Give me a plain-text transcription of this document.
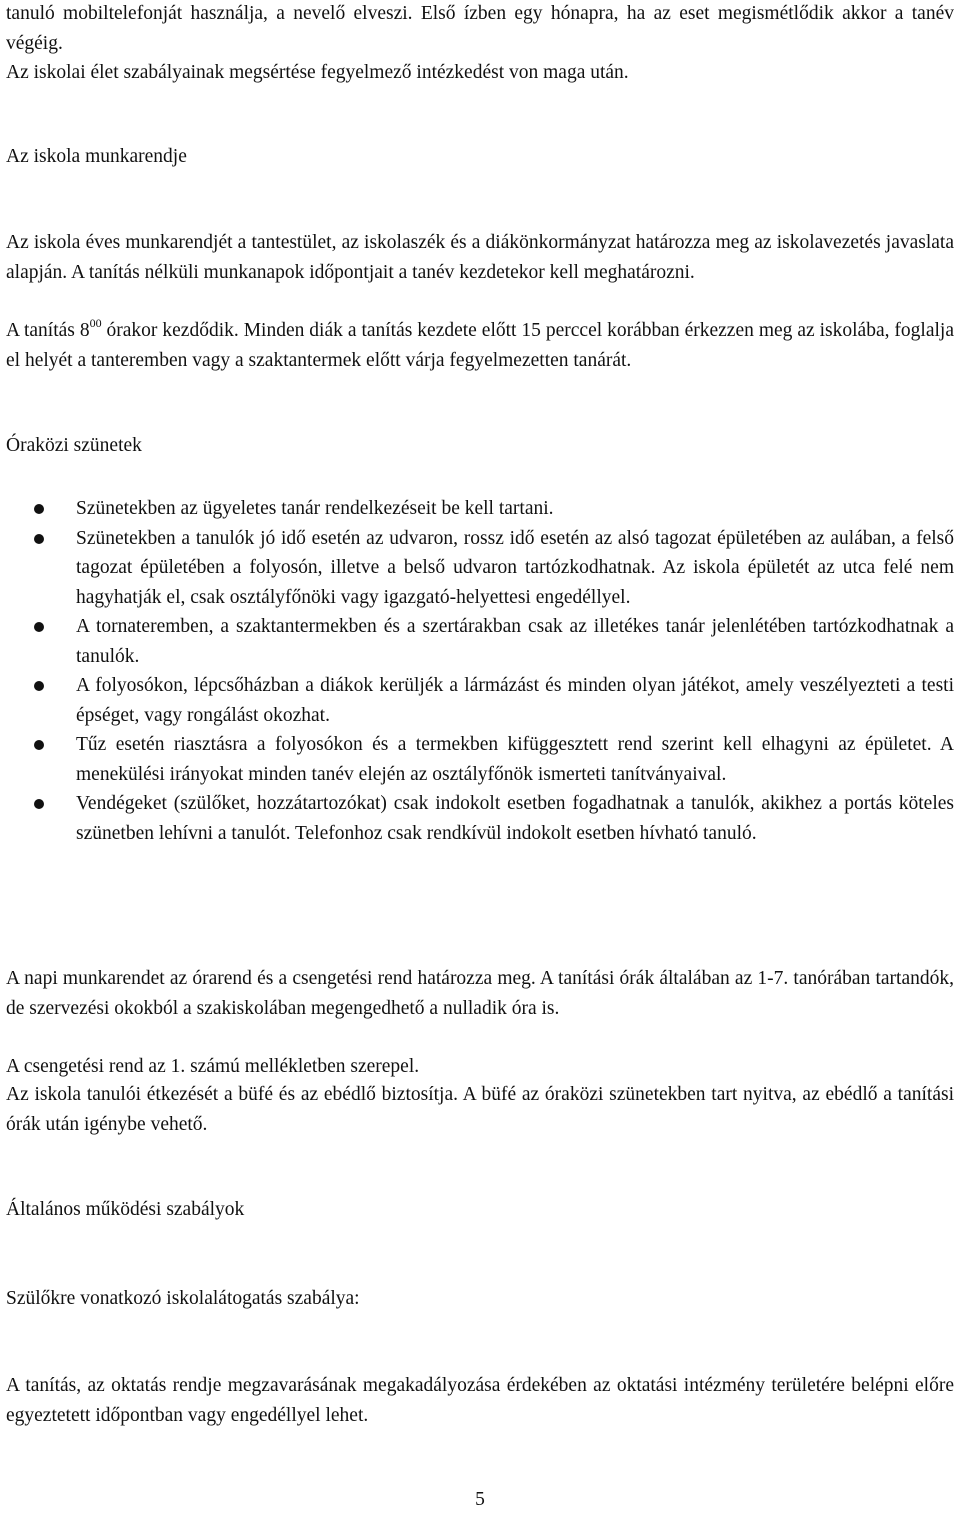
tanuló mobiltelefonját használja, a nevelő elveszi. Első ízben egy hónapra, ha az eset megismétlődik akkor a tanév végéig.
Az iskolai élet szabályainak megsértése fegyelmező intézkedést von maga után.

Az iskola munkarendje

Az iskola éves munkarendjét a tantestület, az iskolaszék és a diákönkormányzat határozza meg az iskolavezetés javaslata alapján. A tanítás nélküli munkanapok időpontjait a tanév kezdetekor kell meghatározni.

A tanítás $8^{00}$ órakor kezdődik. Minden diák a tanítás kezdete előtt 15 perccel korábban érkezzen meg az iskolába, foglalja el helyét a tanteremben vagy a szaktantermek előtt várja fegyelmezetten tanárát.

Óraközi szünetek

Szünetekben az ügyeletes tanár rendelkezéseit be kell tartani.
Szünetekben a tanulók jó idő esetén az udvaron, rossz idő esetén az alsó tagozat épületében az aulában, a felső tagozat épületében a folyosón, illetve a belső udvaron tartózkodhatnak. Az iskola épületét az utca felé nem hagyhatják el, csak osztályfőnöki vagy igazgató-helyettesi engedéllyel.
A tornateremben, a szaktantermekben és a szertárakban csak az illetékes tanár jelenlétében tartózkodhatnak a tanulók.
A folyosókon, lépcsőházban a diákok kerüljék a lármázást és minden olyan játékot, amely veszélyezteti a testi épséget, vagy rongálást okozhat.
Tűz esetén riasztásra a folyosókon és a termekben kifüggesztett rend szerint kell elhagyni az épületet. A menekülési irányokat minden tanév elején az osztályfőnök ismerteti tanítványaival.
Vendégeket (szülőket, hozzátartozókat) csak indokolt esetben fogadhatnak a tanulók, akikhez a portás köteles szünetben lehívni a tanulót. Telefonhoz csak rendkívül indokolt esetben hívható tanuló.

A napi munkarendet az órarend és a csengetési rend határozza meg. A tanítási órák általában az 1-7. tanórában tartandók, de szervezési okokból a szakiskolában megengedhető a nulladik óra is.

A csengetési rend az 1. számú mellékletben szerepel.

Az iskola tanulói étkezését a büfé és az ebédlő biztosítja. A büfé az óraközi szünetekben tart nyitva, az ebédlő a tanítási órák után igénybe vehető.

Általános működési szabályok

Szülőkre vonatkozó iskolalátogatás szabálya:

A tanítás, az oktatás rendje megzavarásának megakadályozása érdekében az oktatási intézmény területére belépni előre egyeztetett időpontban vagy engedéllyel lehet.

5
